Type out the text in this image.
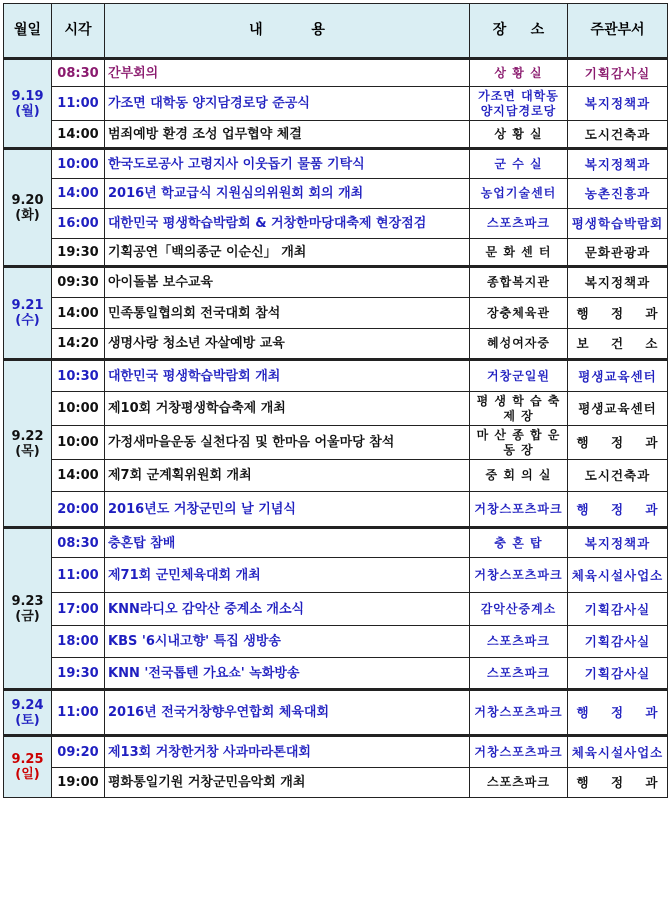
월일	시각	내          용	장     소	주관부서

9.19
(월)	08:30	간부회의	상 황 실	기획감사실
	11:00	가조면 대학동 양지담경로당 준공식	가조면 대학동 양지담경로당	복지정책과
	14:00	범죄예방 환경 조성 업무협약 체결	상 황 실	도시건축과

9.20
(화)	10:00	한국도로공사 고령지사 이웃돕기 물품 기탁식	군 수 실	복지정책과
	14:00	2016년 학교급식 지원심의위원회 회의 개최	농업기술센터	농촌진흥과
	16:00	대한민국 평생학습박람회 & 거창한마당대축제 현장점검	스포츠파크	평생학습박람회
	19:30	기획공연「백의종군 이순신」 개최	문 화 센 터	문화관광과

9.21
(수)	09:30	아이돌봄 보수교육	종합복지관	복지정책과
	14:00	민족통일협의회 전국대회 참석	장충체육관	행    정    과
	14:20	생명사랑 청소년 자살예방 교육	혜성여자중	보    건    소

9.22
(목)	10:30	대한민국 평생학습박람회 개최	거창군일원	평생교육센터
	10:00	제10회 거창평생학습축제 개최	평 생 학 습 축 제 장	평생교육센터
	10:00	가정새마을운동 실천다짐 및 한마음 어울마당 참석	마 산 종 합 운 동 장	행    정    과
	14:00	제7회 군계획위원회 개최	중 회 의 실	도시건축과
	20:00	2016년도 거창군민의 날 기념식	거창스포츠파크	행    정    과

9.23
(금)	08:30	충혼탑 참배	충 혼 탑	복지정책과
	11:00	제71회 군민체육대회 개최	거창스포츠파크	체육시설사업소
	17:00	KNN라디오 감악산 중계소 개소식	감악산중계소	기획감사실
	18:00	KBS '6시내고향' 특집 생방송	스포츠파크	기획감사실
	19:30	KNN '전국톱텐 가요쇼' 녹화방송	스포츠파크	기획감사실

9.24
(토)	11:00	2016년 전국거창향우연합회 체육대회	거창스포츠파크	행    정    과

9.25
(일)	09:20	제13회 거창한거창 사과마라톤대회	거창스포츠파크	체육시설사업소
	19:00	평화통일기원 거창군민음악회 개최	스포츠파크	행    정    과
